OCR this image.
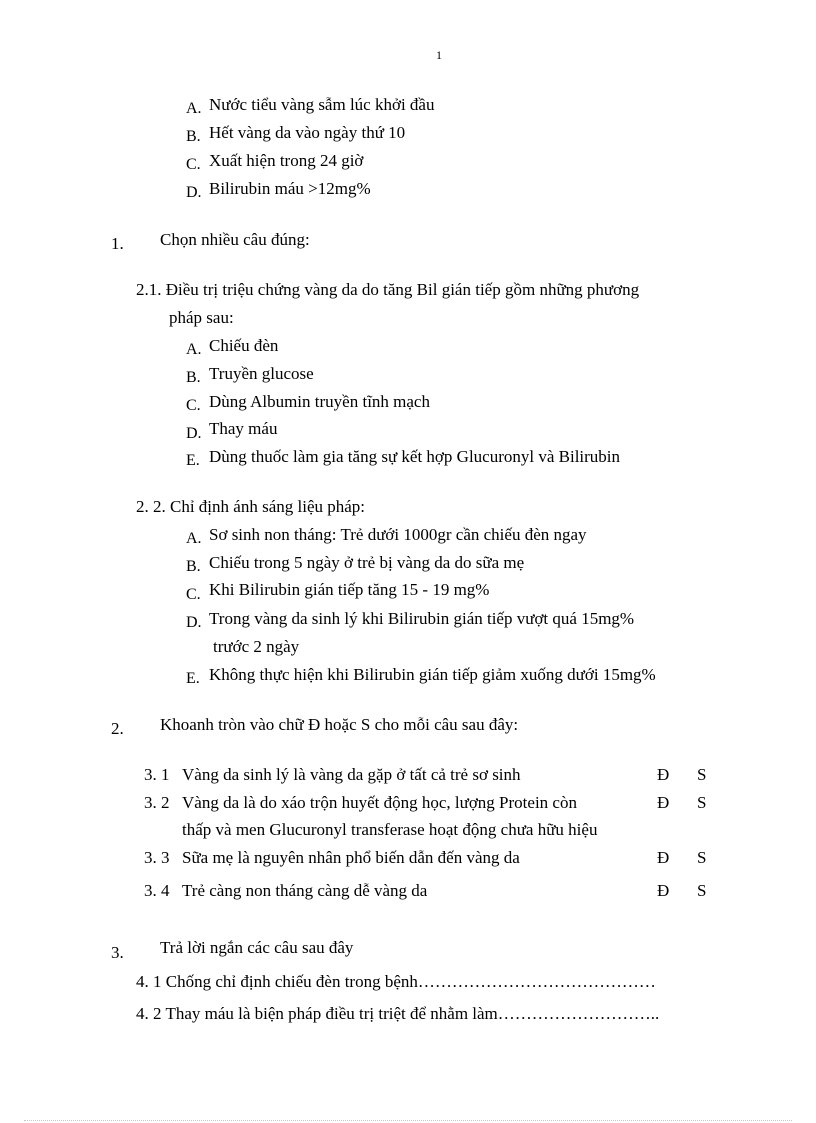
1
A. Nước tiểu vàng sẫm lúc khởi đầu
B. Hết vàng da vào ngày thứ 10
C. Xuất hiện trong 24 giờ
D. Bilirubin máu >12mg%
1. Chọn nhiều câu đúng:
2.1. Điều trị triệu chứng vàng da do tăng Bil gián tiếp gồm những phương
pháp sau:
A. Chiếu đèn
B. Truyền glucose
C. Dùng Albumin truyền tĩnh mạch
D. Thay máu
E. Dùng thuốc làm gia tăng sự kết hợp Glucuronyl và Bilirubin
2. 2. Chỉ định ánh sáng liệu pháp:
A. Sơ sinh non tháng: Trẻ dưới 1000gr cần chiếu đèn ngay
B. Chiếu trong 5 ngày ở trẻ bị vàng da do sữa mẹ
C. Khi Bilirubin gián tiếp tăng 15 - 19 mg%
D. Trong vàng da sinh lý khi Bilirubin gián tiếp vượt quá 15mg%
trước 2 ngày
E. Không thực hiện khi Bilirubin gián tiếp giảm xuống dưới 15mg%
2. Khoanh tròn vào chữ Đ hoặc S cho mỗi câu sau đây:
3. 1 Vàng da sinh lý là vàng da gặp ở tất cả trẻ sơ sinh	Đ S
3. 2 Vàng da là do xáo trộn huyết động học, lượng Protein còn
thấp và men Glucuronyl transferase hoạt động chưa hữu hiệu
Đ S
3. 3 Sữa mẹ là nguyên nhân phổ biến dẫn đến vàng da	Đ S
3. 4 Trẻ càng non tháng càng dễ vàng da	Đ S
3. Trả lời ngắn các câu sau đây
4. 1 Chống chỉ định chiếu đèn trong bệnh……………………………………
4. 2 Thay máu là biện pháp điều trị triệt để nhằm làm………………………..
